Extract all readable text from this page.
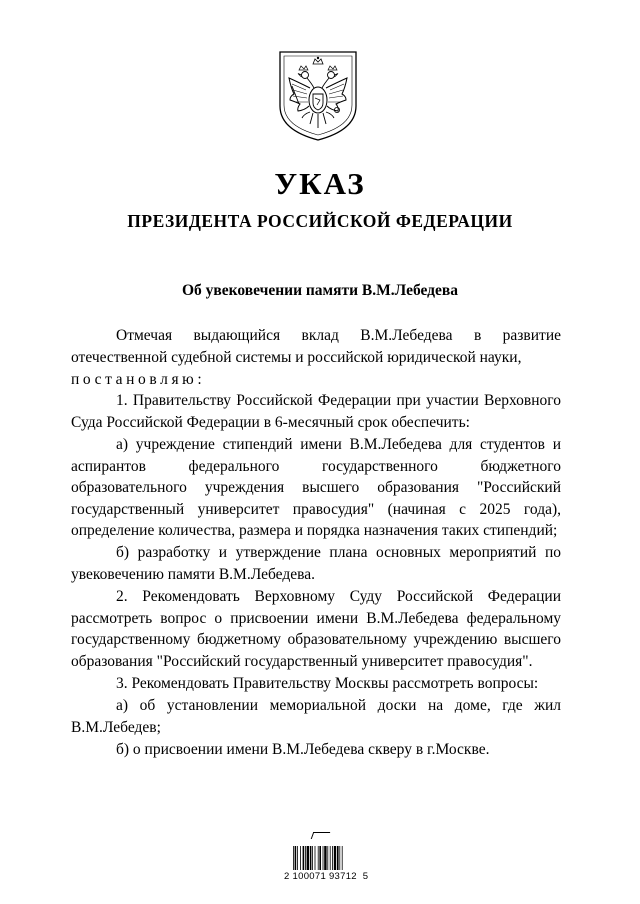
УКАЗ
ПРЕЗИДЕНТА РОССИЙСКОЙ ФЕДЕРАЦИИ
Об увековечении памяти В.М.Лебедева

Отмечая выдающийся вклад В.М.Лебедева в развитие отечественной судебной системы и российской юридической науки,

постановляю:

1. Правительству Российской Федерации при участии Верховного Суда Российской Федерации в 6-месячный срок обеспечить:

а) учреждение стипендий имени В.М.Лебедева для студентов и аспирантов федерального государственного бюджетного образовательного учреждения высшего образования "Российский государственный университет правосудия" (начиная с 2025 года), определение количества, размера и порядка назначения таких стипендий;

б) разработку и утверждение плана основных мероприятий по увековечению памяти В.М.Лебедева.

2. Рекомендовать Верховному Суду Российской Федерации рассмотреть вопрос о присвоении имени В.М.Лебедева федеральному государственному бюджетному образовательному учреждению высшего образования "Российский государственный университет правосудия".

3. Рекомендовать Правительству Москвы рассмотреть вопросы:

а) об установлении мемориальной доски на доме, где жил В.М.Лебедев;

б) о присвоении имени В.М.Лебедева скверу в г.Москве.

2 100071 93712  5
